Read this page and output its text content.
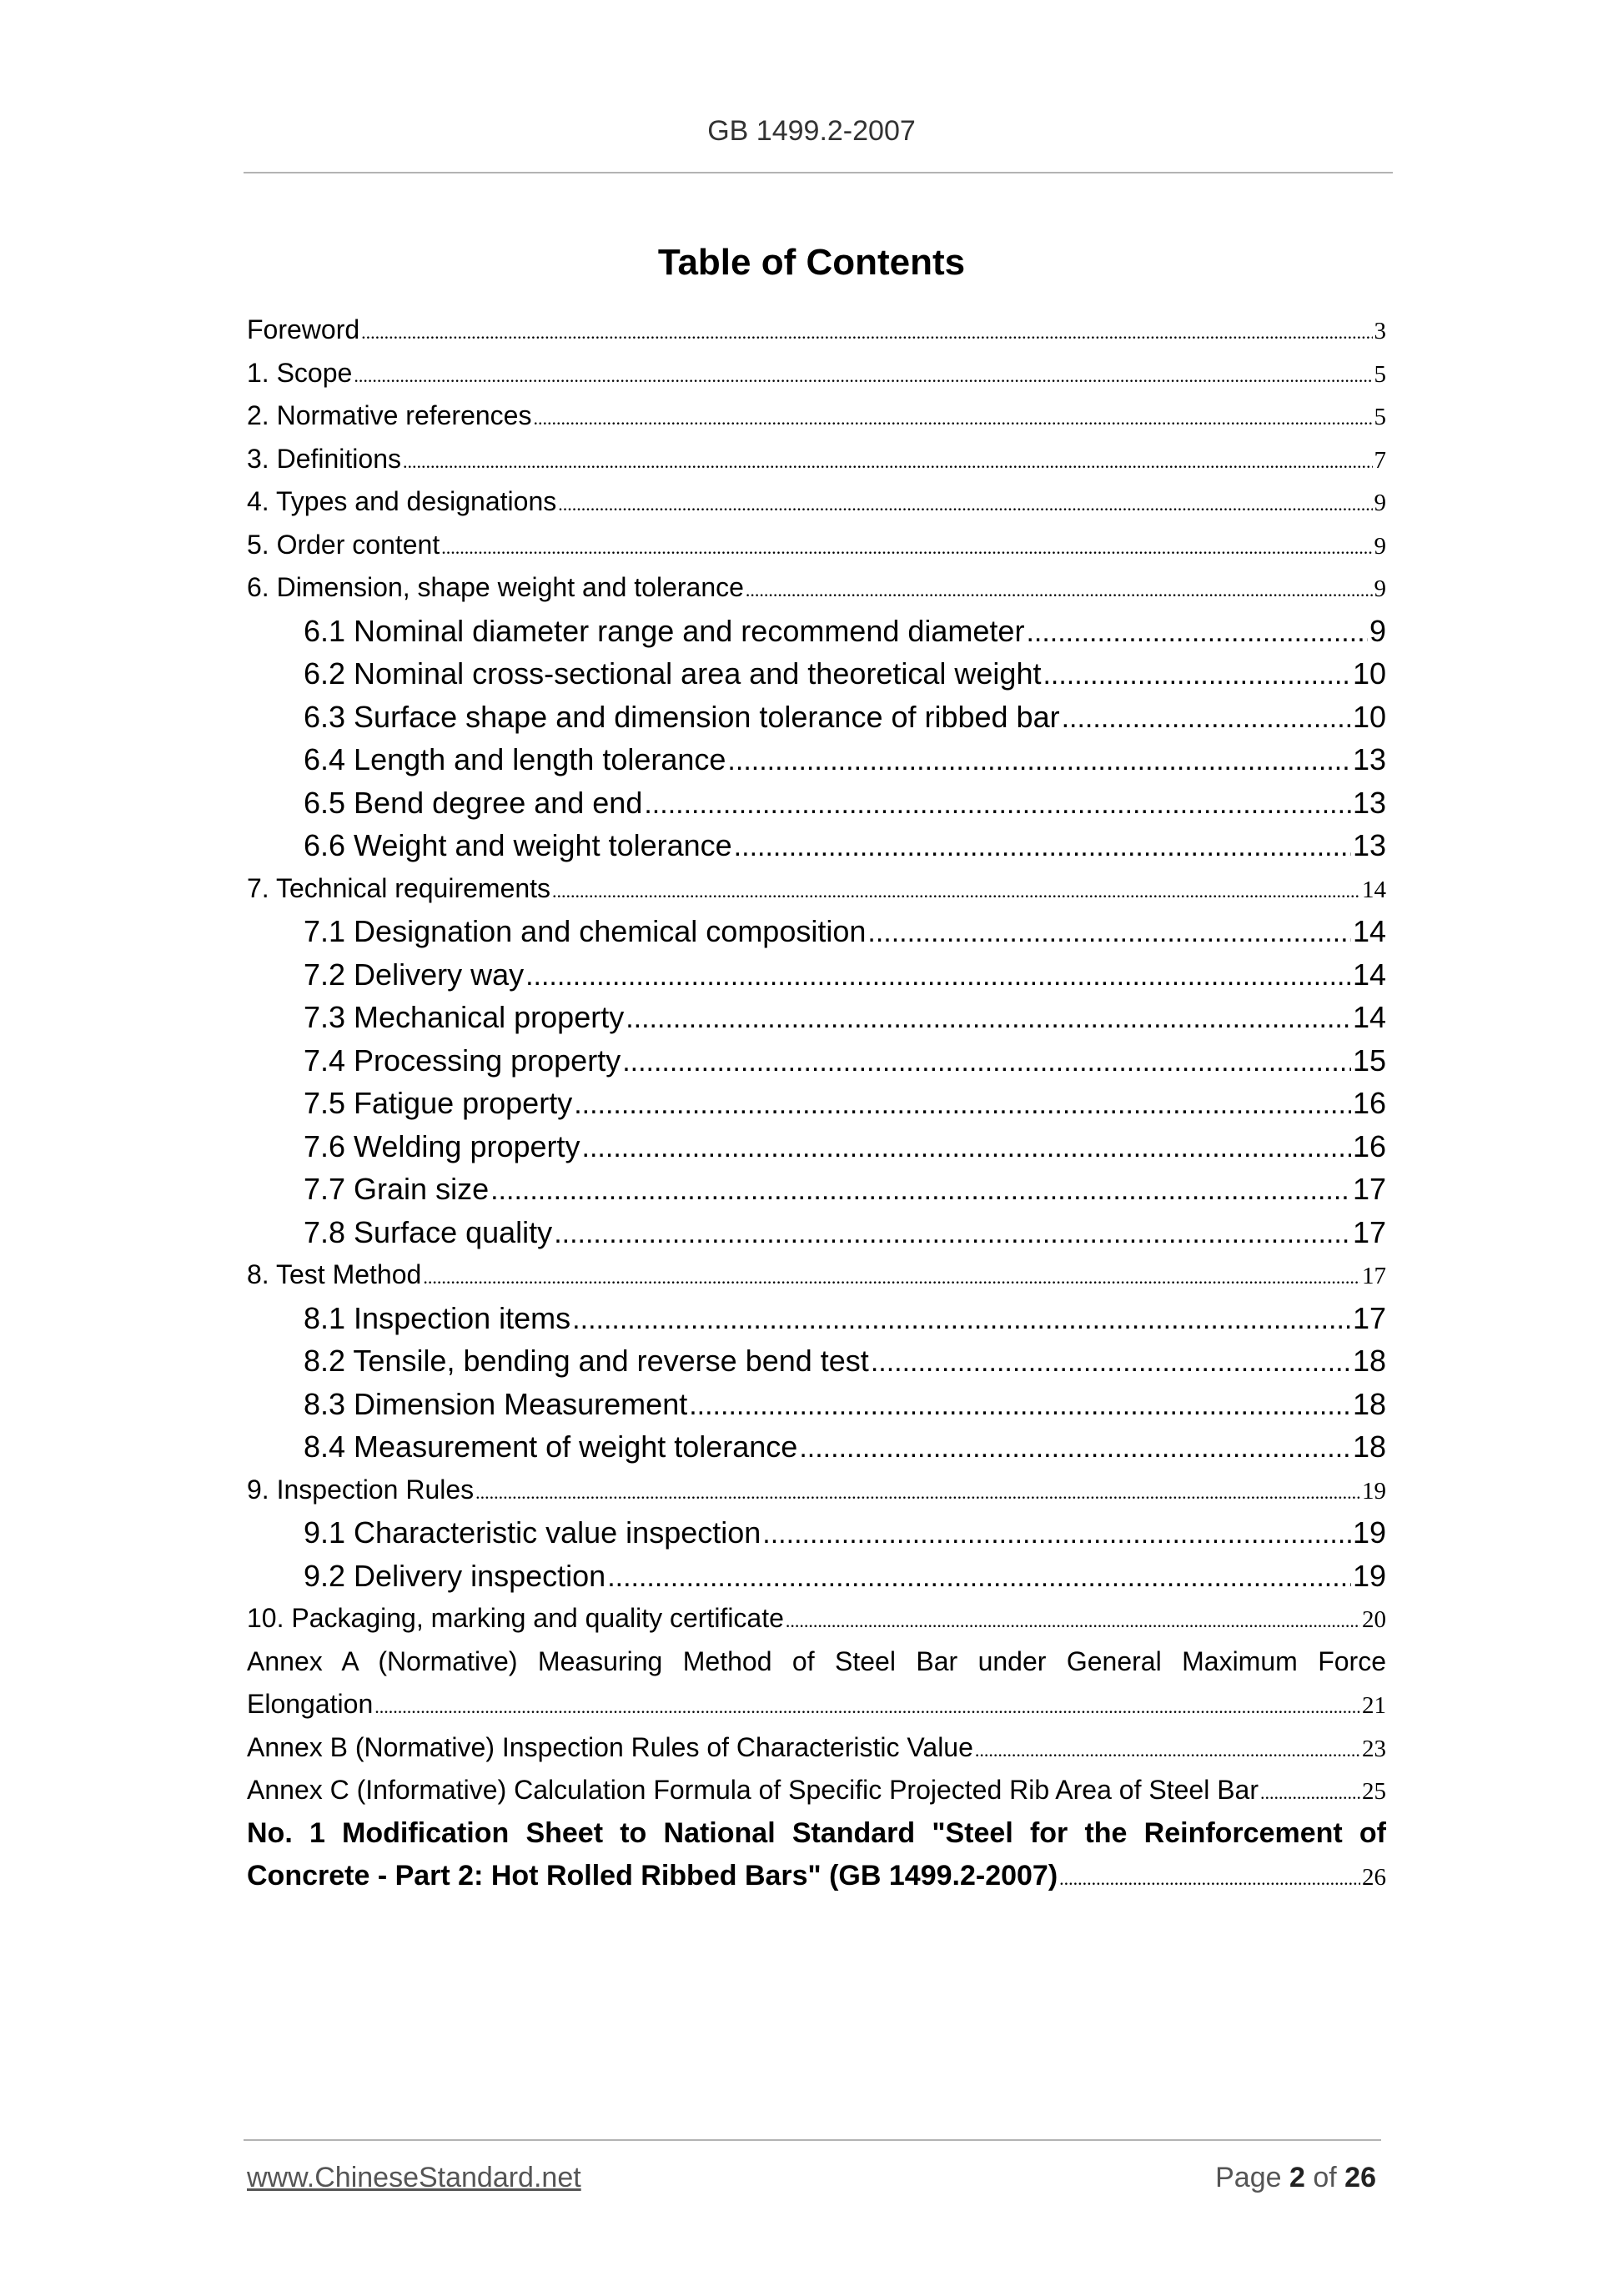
GB 1499.2-2007
Table of Contents
Foreword .....	3
1. Scope .....	5
2. Normative references .....	5
3. Definitions .....	7
4. Types and designations .....	9
5. Order content .....	9
6. Dimension, shape weight and tolerance .....	9
6.1 Nominal diameter range and recommend diameter .....	9
6.2 Nominal cross-sectional area and theoretical weight .....	10
6.3 Surface shape and dimension tolerance of ribbed bar .....	10
6.4 Length and length tolerance .....	13
6.5 Bend degree and end .....	13
6.6 Weight and weight tolerance .....	13
7. Technical requirements .....	14
7.1 Designation and chemical composition .....	14
7.2 Delivery way .....	14
7.3 Mechanical property .....	14
7.4 Processing property .....	15
7.5 Fatigue property .....	16
7.6 Welding property .....	16
7.7 Grain size .....	17
7.8 Surface quality .....	17
8. Test Method .....	17
8.1 Inspection items .....	17
8.2 Tensile, bending and reverse bend test .....	18
8.3 Dimension Measurement .....	18
8.4 Measurement of weight tolerance .....	18
9. Inspection Rules .....	19
9.1 Characteristic value inspection .....	19
9.2 Delivery inspection .....	19
10. Packaging, marking and quality certificate .....	20
Annex A (Normative) Measuring Method of Steel Bar under General Maximum Force
Elongation .....	21
Annex B (Normative) Inspection Rules of Characteristic Value .....	23
Annex C (Informative) Calculation Formula of Specific Projected Rib Area of Steel Bar .....	25
No. 1 Modification Sheet to National Standard "Steel for the Reinforcement of
Concrete - Part 2: Hot Rolled Ribbed Bars" (GB 1499.2-2007) .....	26
www.ChineseStandard.net	Page 2 of 26
